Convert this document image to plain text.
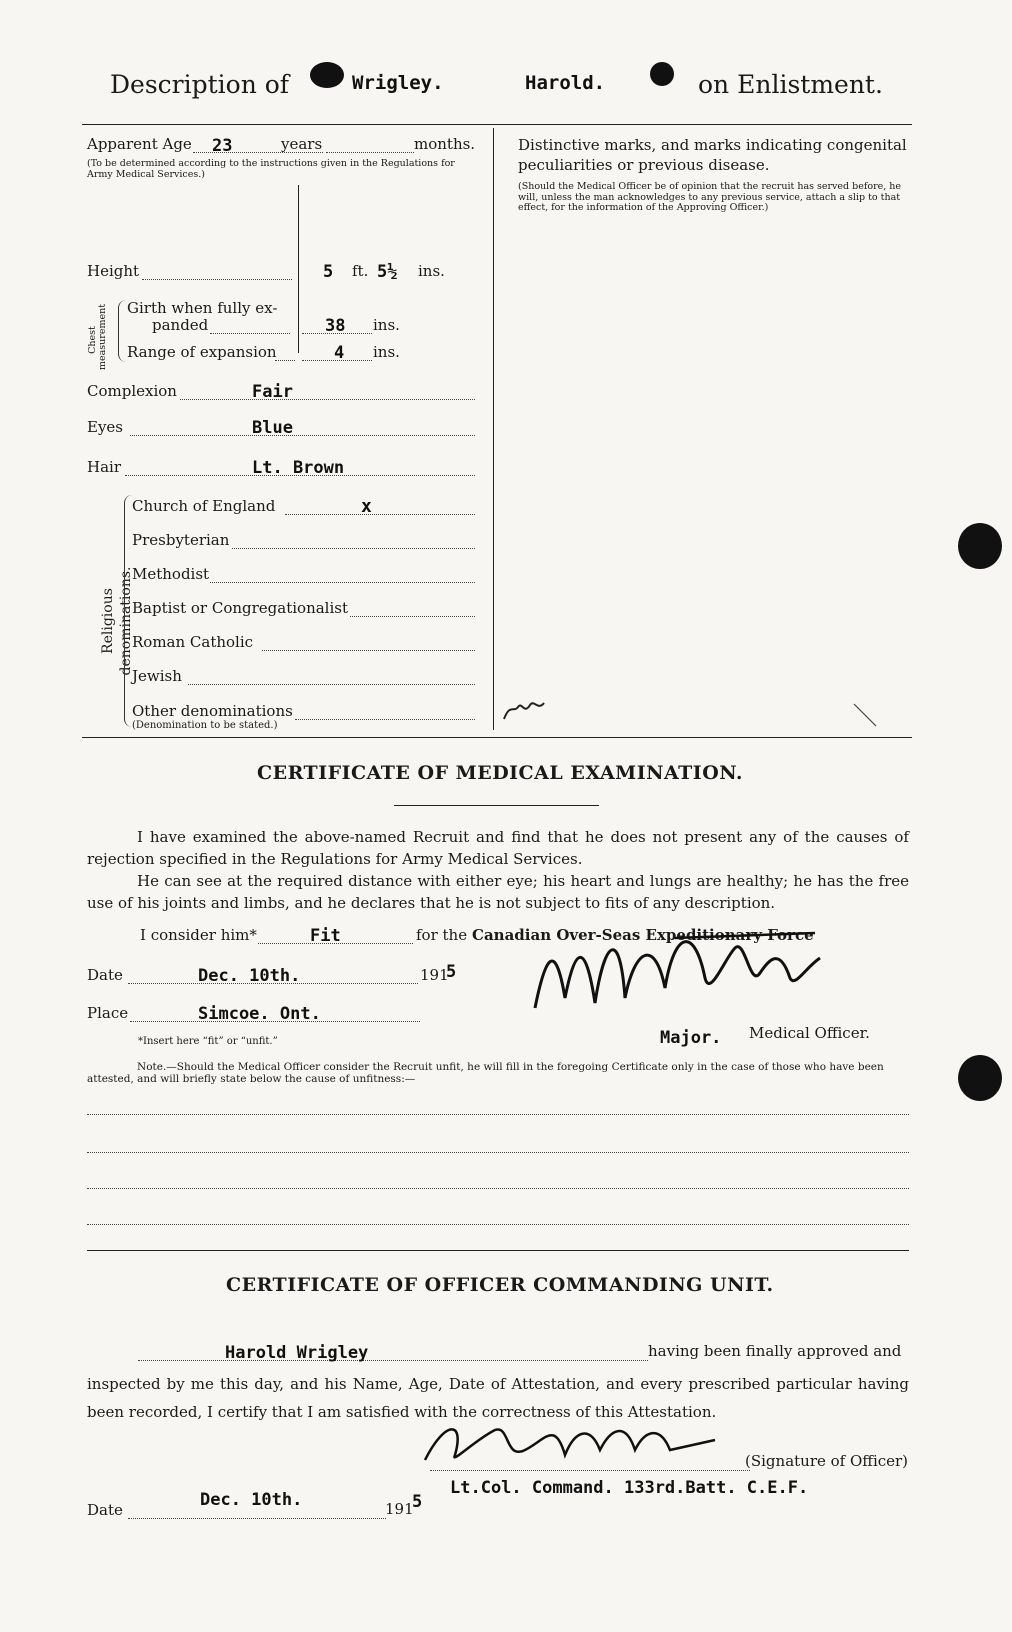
Description of	Wrigley.	Harold.	on Enlistment.
Apparent Age 23	years	months.
(To be determined according to the instructions given in the Regulations for Army Medical Services.)
Height	5 ft. 5½ ins.
Chest measurement Girth when fully ex-
panded	38 ins.
Range of expansion	4 ins.
Complexion	Fair
Eyes	Blue
Hair	Lt. Brown
Religious denominations.
Church of England	x
Presbyterian
Methodist
Baptist or Congregationalist
Roman Catholic
Jewish
Other denominations
(Denomination to be stated.)
Distinctive marks, and marks indicating congenital peculiarities or previous disease.
(Should the Medical Officer be of opinion that the recruit has served before, he will, unless the man acknowledges to any previous service, attach a slip to that effect, for the information of the Approving Officer.)
CERTIFICATE OF MEDICAL EXAMINATION.
I have examined the above-named Recruit and find that he does not present any of the causes of rejection specified in the Regulations for Army Medical Services.
He can see at the required distance with either eye; his heart and lungs are healthy; he has the free use of his joints and limbs, and he declares that he is not subject to fits of any description.
I consider him*	Fit	for the Canadian Over-Seas Expeditionary Force
Date	Dec. 10th.	191
5
Place	Simcoe. Ont.
*Insert here “fit” or “unfit.”	Major. Medical Officer.
Note.—Should the Medical Officer consider the Recruit unfit, he will fill in the foregoing Certificate only in the case of those who have been attested, and will briefly state below the cause of unfitness:—
CERTIFICATE OF OFFICER COMMANDING UNIT.
Harold Wrigley	having been finally approved and
inspected by me this day, and his Name, Age, Date of Attestation, and every prescribed particular having been recorded, I certify that I am satisfied with the correctness of this Attestation.
(Signature of Officer)
Lt.Col. Command. 133rd.Batt. C.E.F.
Date	Dec. 10th.	191
5
